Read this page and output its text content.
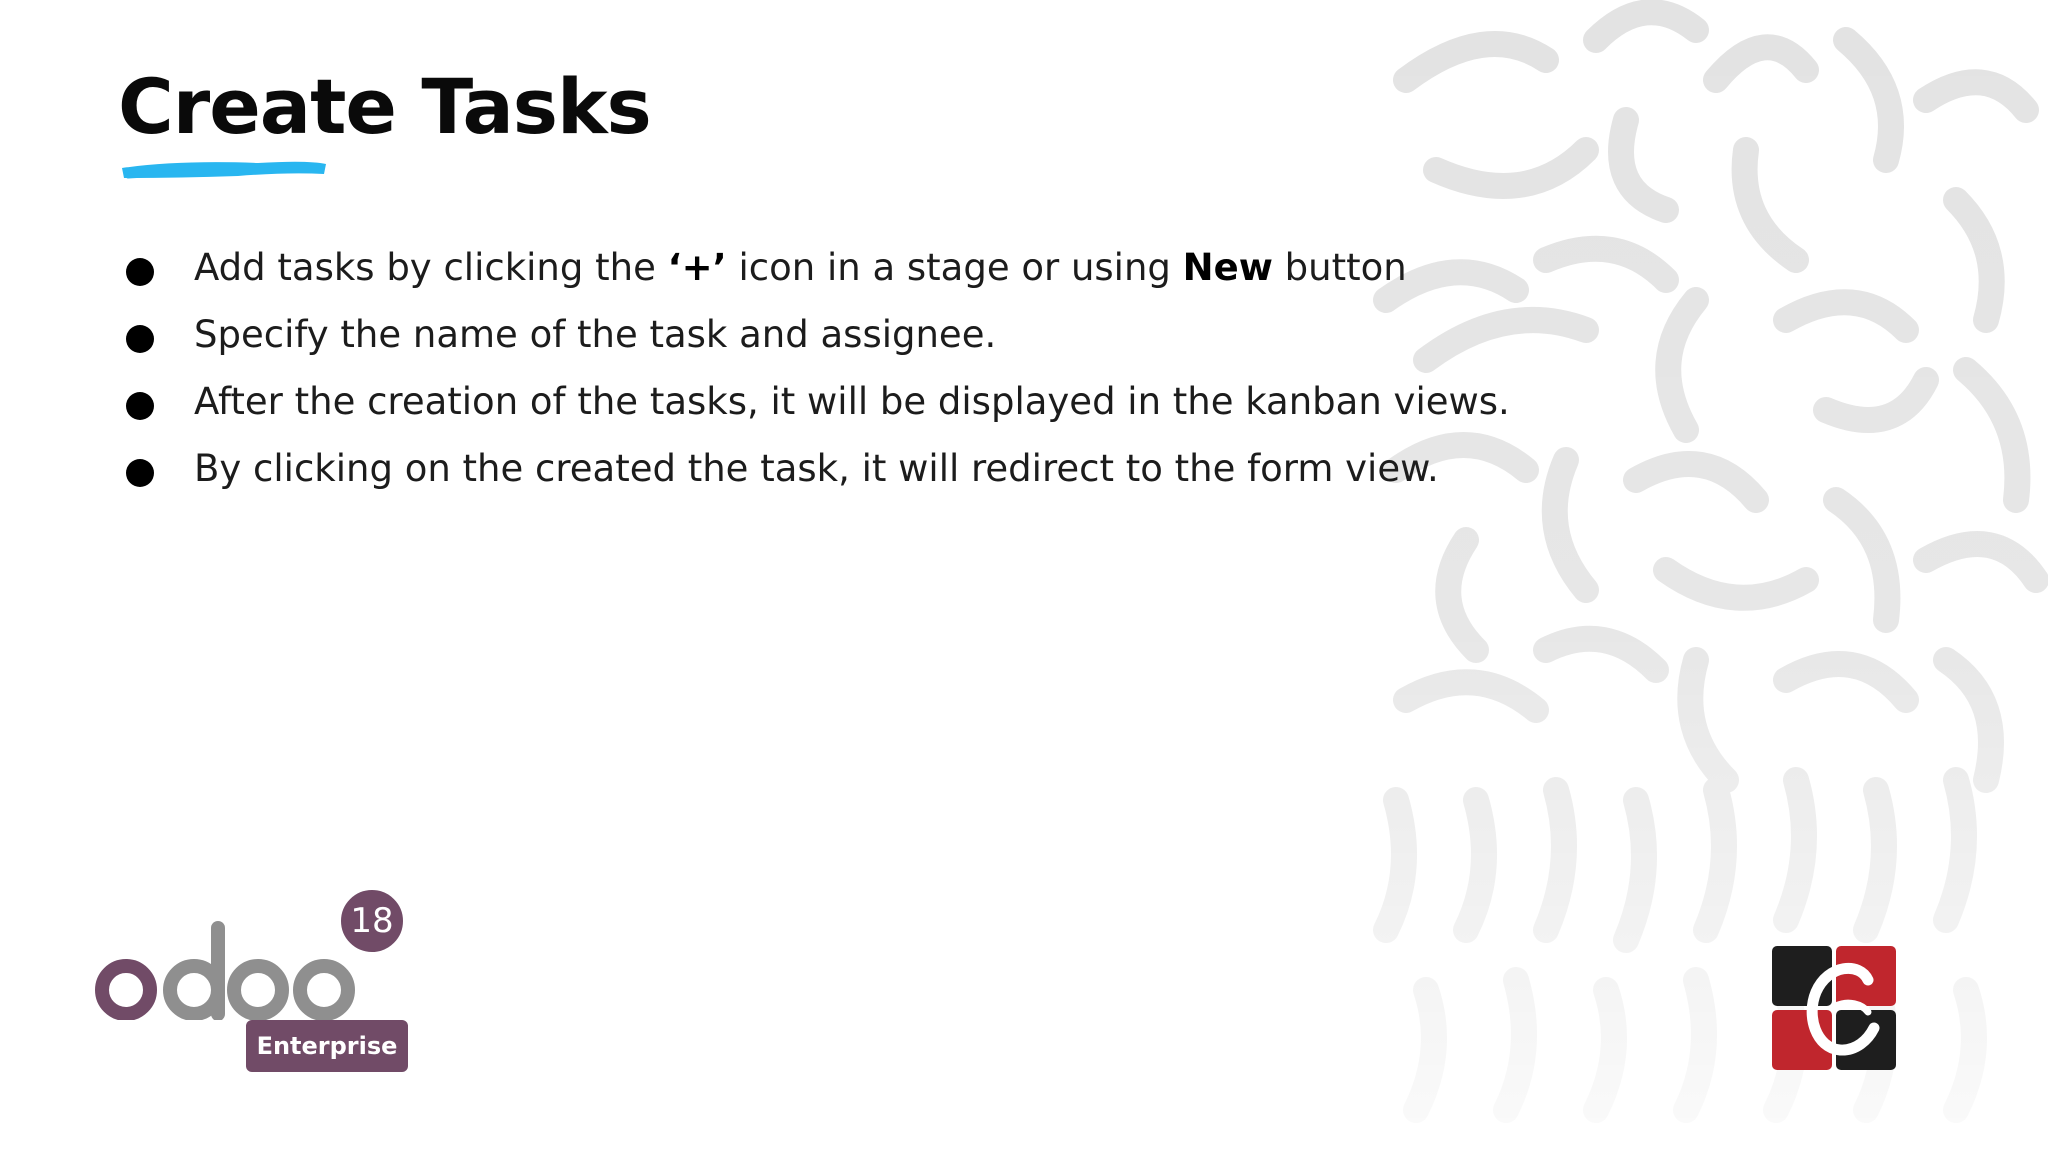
Create Tasks
Add tasks by clicking the ‘+’ icon in a stage or using New button
Specify the name of the task and assignee.
After the creation of the tasks, it will be displayed in the kanban views.
By clicking on the created the task, it will redirect to the form view.
18
Enterprise
